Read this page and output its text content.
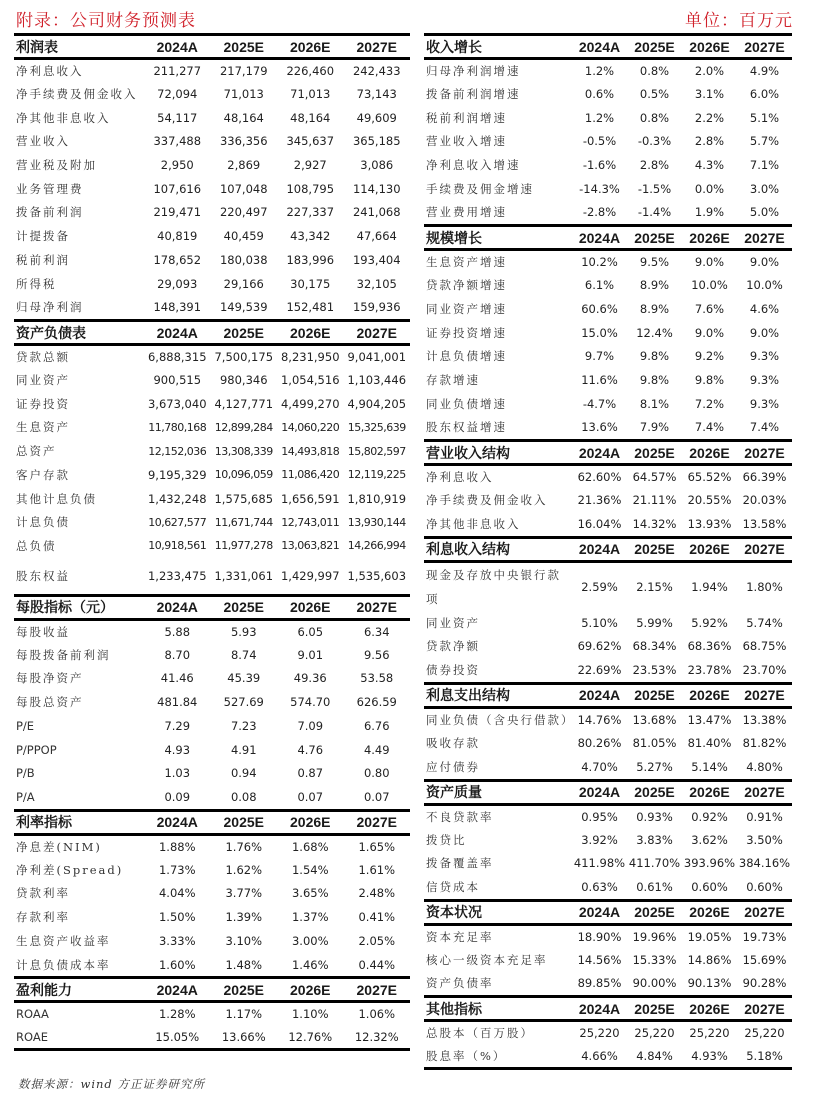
附录：公司财务预测表	单位：百万元
利润表	2024A	2025E	2026E	2027E
净利息收入	211,277	217,179	226,460	242,433
净手续费及佣金收入	72,094	71,013	71,013	73,143
净其他非息收入	54,117	48,164	48,164	49,609
营业收入	337,488	336,356	345,637	365,185
营业税及附加	2,950	2,869	2,927	3,086
业务管理费	107,616	107,048	108,795	114,130
拨备前利润	219,471	220,497	227,337	241,068
计提拨备	40,819	40,459	43,342	47,664
税前利润	178,652	180,038	183,996	193,404
所得税	29,093	29,166	30,175	32,105
归母净利润	148,391	149,539	152,481	159,936
资产负债表	2024A	2025E	2026E	2027E
贷款总额	6,888,315	7,500,175	8,231,950	9,041,001
同业资产	900,515	980,346	1,054,516	1,103,446
证券投资	3,673,040	4,127,771	4,499,270	4,904,205
生息资产	11,780,168	12,899,284	14,060,220	15,325,639
总资产	12,152,036	13,308,339	14,493,818	15,802,597
客户存款	9,195,329	10,096,059	11,086,420	12,119,225
其他计息负债	1,432,248	1,575,685	1,656,591	1,810,919
计息负债	10,627,577	11,671,744	12,743,011	13,930,144
总负债	10,918,561	11,977,278	13,063,821	14,266,994
股东权益	1,233,475	1,331,061	1,429,997	1,535,603
每股指标（元）	2024A	2025E	2026E	2027E
每股收益	5.88	5.93	6.05	6.34
每股拨备前利润	8.70	8.74	9.01	9.56
每股净资产	41.46	45.39	49.36	53.58
每股总资产	481.84	527.69	574.70	626.59
P/E	7.29	7.23	7.09	6.76
P/PPOP	4.93	4.91	4.76	4.49
P/B	1.03	0.94	0.87	0.80
P/A	0.09	0.08	0.07	0.07
利率指标	2024A	2025E	2026E	2027E
净息差(NIM)	1.88%	1.76%	1.68%	1.65%
净利差(Spread)	1.73%	1.62%	1.54%	1.61%
贷款利率	4.04%	3.77%	3.65%	2.48%
存款利率	1.50%	1.39%	1.37%	0.41%
生息资产收益率	3.33%	3.10%	3.00%	2.05%
计息负债成本率	1.60%	1.48%	1.46%	0.44%
盈利能力	2024A	2025E	2026E	2027E
ROAA	1.28%	1.17%	1.10%	1.06%
ROAE	15.05%	13.66%	12.76%	12.32%
收入增长	2024A	2025E	2026E	2027E
归母净利润增速	1.2%	0.8%	2.0%	4.9%
拨备前利润增速	0.6%	0.5%	3.1%	6.0%
税前利润增速	1.2%	0.8%	2.2%	5.1%
营业收入增速	-0.5%	-0.3%	2.8%	5.7%
净利息收入增速	-1.6%	2.8%	4.3%	7.1%
手续费及佣金增速	-14.3%	-1.5%	0.0%	3.0%
营业费用增速	-2.8%	-1.4%	1.9%	5.0%
规模增长	2024A	2025E	2026E	2027E
生息资产增速	10.2%	9.5%	9.0%	9.0%
贷款净额增速	6.1%	8.9%	10.0%	10.0%
同业资产增速	60.6%	8.9%	7.6%	4.6%
证券投资增速	15.0%	12.4%	9.0%	9.0%
计息负债增速	9.7%	9.8%	9.2%	9.3%
存款增速	11.6%	9.8%	9.8%	9.3%
同业负债增速	-4.7%	8.1%	7.2%	9.3%
股东权益增速	13.6%	7.9%	7.4%	7.4%
营业收入结构	2024A	2025E	2026E	2027E
净利息收入	62.60%	64.57%	65.52%	66.39%
净手续费及佣金收入	21.36%	21.11%	20.55%	20.03%
净其他非息收入	16.04%	14.32%	13.93%	13.58%
利息收入结构	2024A	2025E	2026E	2027E
现金及存放中央银行款项	2.59%	2.15%	1.94%	1.80%
同业资产	5.10%	5.99%	5.92%	5.74%
贷款净额	69.62%	68.34%	68.36%	68.75%
债券投资	22.69%	23.53%	23.78%	23.70%
利息支出结构	2024A	2025E	2026E	2027E
同业负债（含央行借款）	14.76%	13.68%	13.47%	13.38%
吸收存款	80.26%	81.05%	81.40%	81.82%
应付债券	4.70%	5.27%	5.14%	4.80%
资产质量	2024A	2025E	2026E	2027E
不良贷款率	0.95%	0.93%	0.92%	0.91%
拨贷比	3.92%	3.83%	3.62%	3.50%
拨备覆盖率	411.98%	411.70%	393.96%	384.16%
信贷成本	0.63%	0.61%	0.60%	0.60%
资本状况	2024A	2025E	2026E	2027E
资本充足率	18.90%	19.96%	19.05%	19.73%
核心一级资本充足率	14.56%	15.33%	14.86%	15.69%
资产负债率	89.85%	90.00%	90.13%	90.28%
其他指标	2024A	2025E	2026E	2027E
总股本（百万股）	25,220	25,220	25,220	25,220
股息率（%）	4.66%	4.84%	4.93%	5.18%
数据来源：wind 方正证券研究所
